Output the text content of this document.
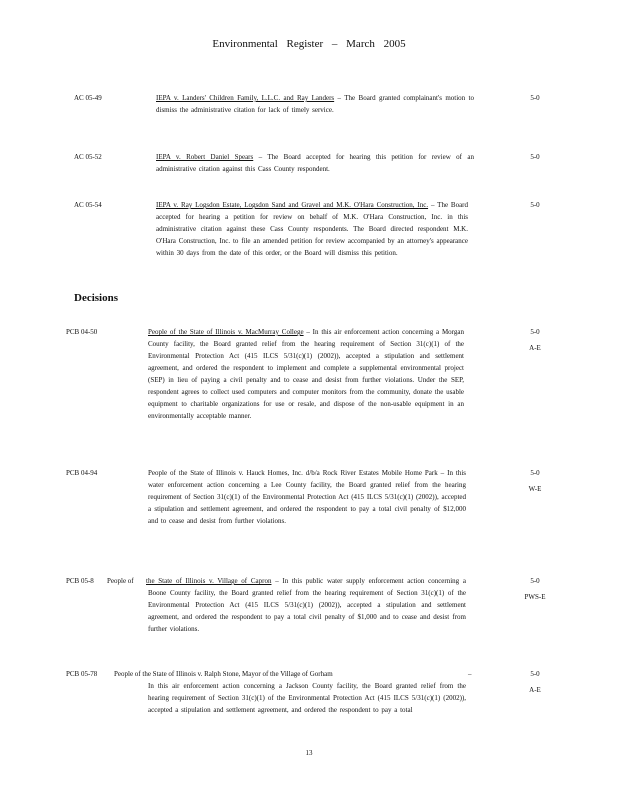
Environmental Register – March 2005
AC 05-49	IEPA v. Landers' Children Family, L.L.C. and Ray Landers – The Board granted complainant's motion to dismiss the administrative citation for lack of timely service.
5-0
AC 05-52	IEPA v. Robert Daniel Spears – The Board accepted for hearing this petition for review of an administrative citation against this Cass County respondent.
5-0
AC 05-54	IEPA v. Ray Logsdon Estate, Logsdon Sand and Gravel and M.K. O'Hara Construction, Inc. – The Board accepted for hearing a petition for review on behalf of M.K. O'Hara Construction, Inc. in this administrative citation against these Cass County respondents. The Board directed respondent M.K. O'Hara Construction, Inc. to file an amended petition for review accompanied by an attorney's appearance within 30 days from the date of this order, or the Board will dismiss this petition.
5-0
Decisions
PCB 04-50	People of the State of Illinois v. MacMurray College – In this air enforcement action concerning a Morgan County facility, the Board granted relief from the hearing requirement of Section 31(c)(1) of the Environmental Protection Act (415 ILCS 5/31(c)(1) (2002)), accepted a stipulation and settlement agreement, and ordered the respondent to implement and complete a supplemental environmental project (SEP) in lieu of paying a civil penalty and to cease and desist from further violations. Under the SEP, respondent agrees to collect used computers and computer monitors from the community, donate the usable equipment to charitable organizations for use or resale, and dispose of the non-usable equipment in an environmentally acceptable manner.
5-0
A-E
PCB 04-94	People of the State of Illinois v. Hauck Homes, Inc. d/b/a Rock River Estates Mobile Home Park – In this water enforcement action concerning a Lee County facility, the Board granted relief from the hearing requirement of Section 31(c)(1) of the Environmental Protection Act (415 ILCS 5/31(c)(1) (2002)), accepted a stipulation and settlement agreement, and ordered the respondent to pay a total civil penalty of $12,000 and to cease and desist from further violations.
5-0
W-E
PCB 05-8 People of the State of Illinois v. Village of Capron – In this public water supply enforcement action concerning a Boone County facility, the Board granted relief from the hearing requirement of Section 31(c)(1) of the Environmental Protection Act (415 ILCS 5/31(c)(1) (2002)), accepted a stipulation and settlement agreement, and ordered the respondent to pay a total civil penalty of $1,000 and to cease and desist from further violations.
5-0
PWS-E
PCB 05-78 People of the State of Illinois v. Ralph Stone, Mayor of the Village of Gorham	–
In this air enforcement action concerning a Jackson County facility, the Board granted relief from the hearing requirement of Section 31(c)(1) of the Environmental Protection Act (415 ILCS 5/31(c)(1) (2002)), accepted a stipulation and settlement agreement, and ordered the respondent to pay a total
5-0
A-E
13
